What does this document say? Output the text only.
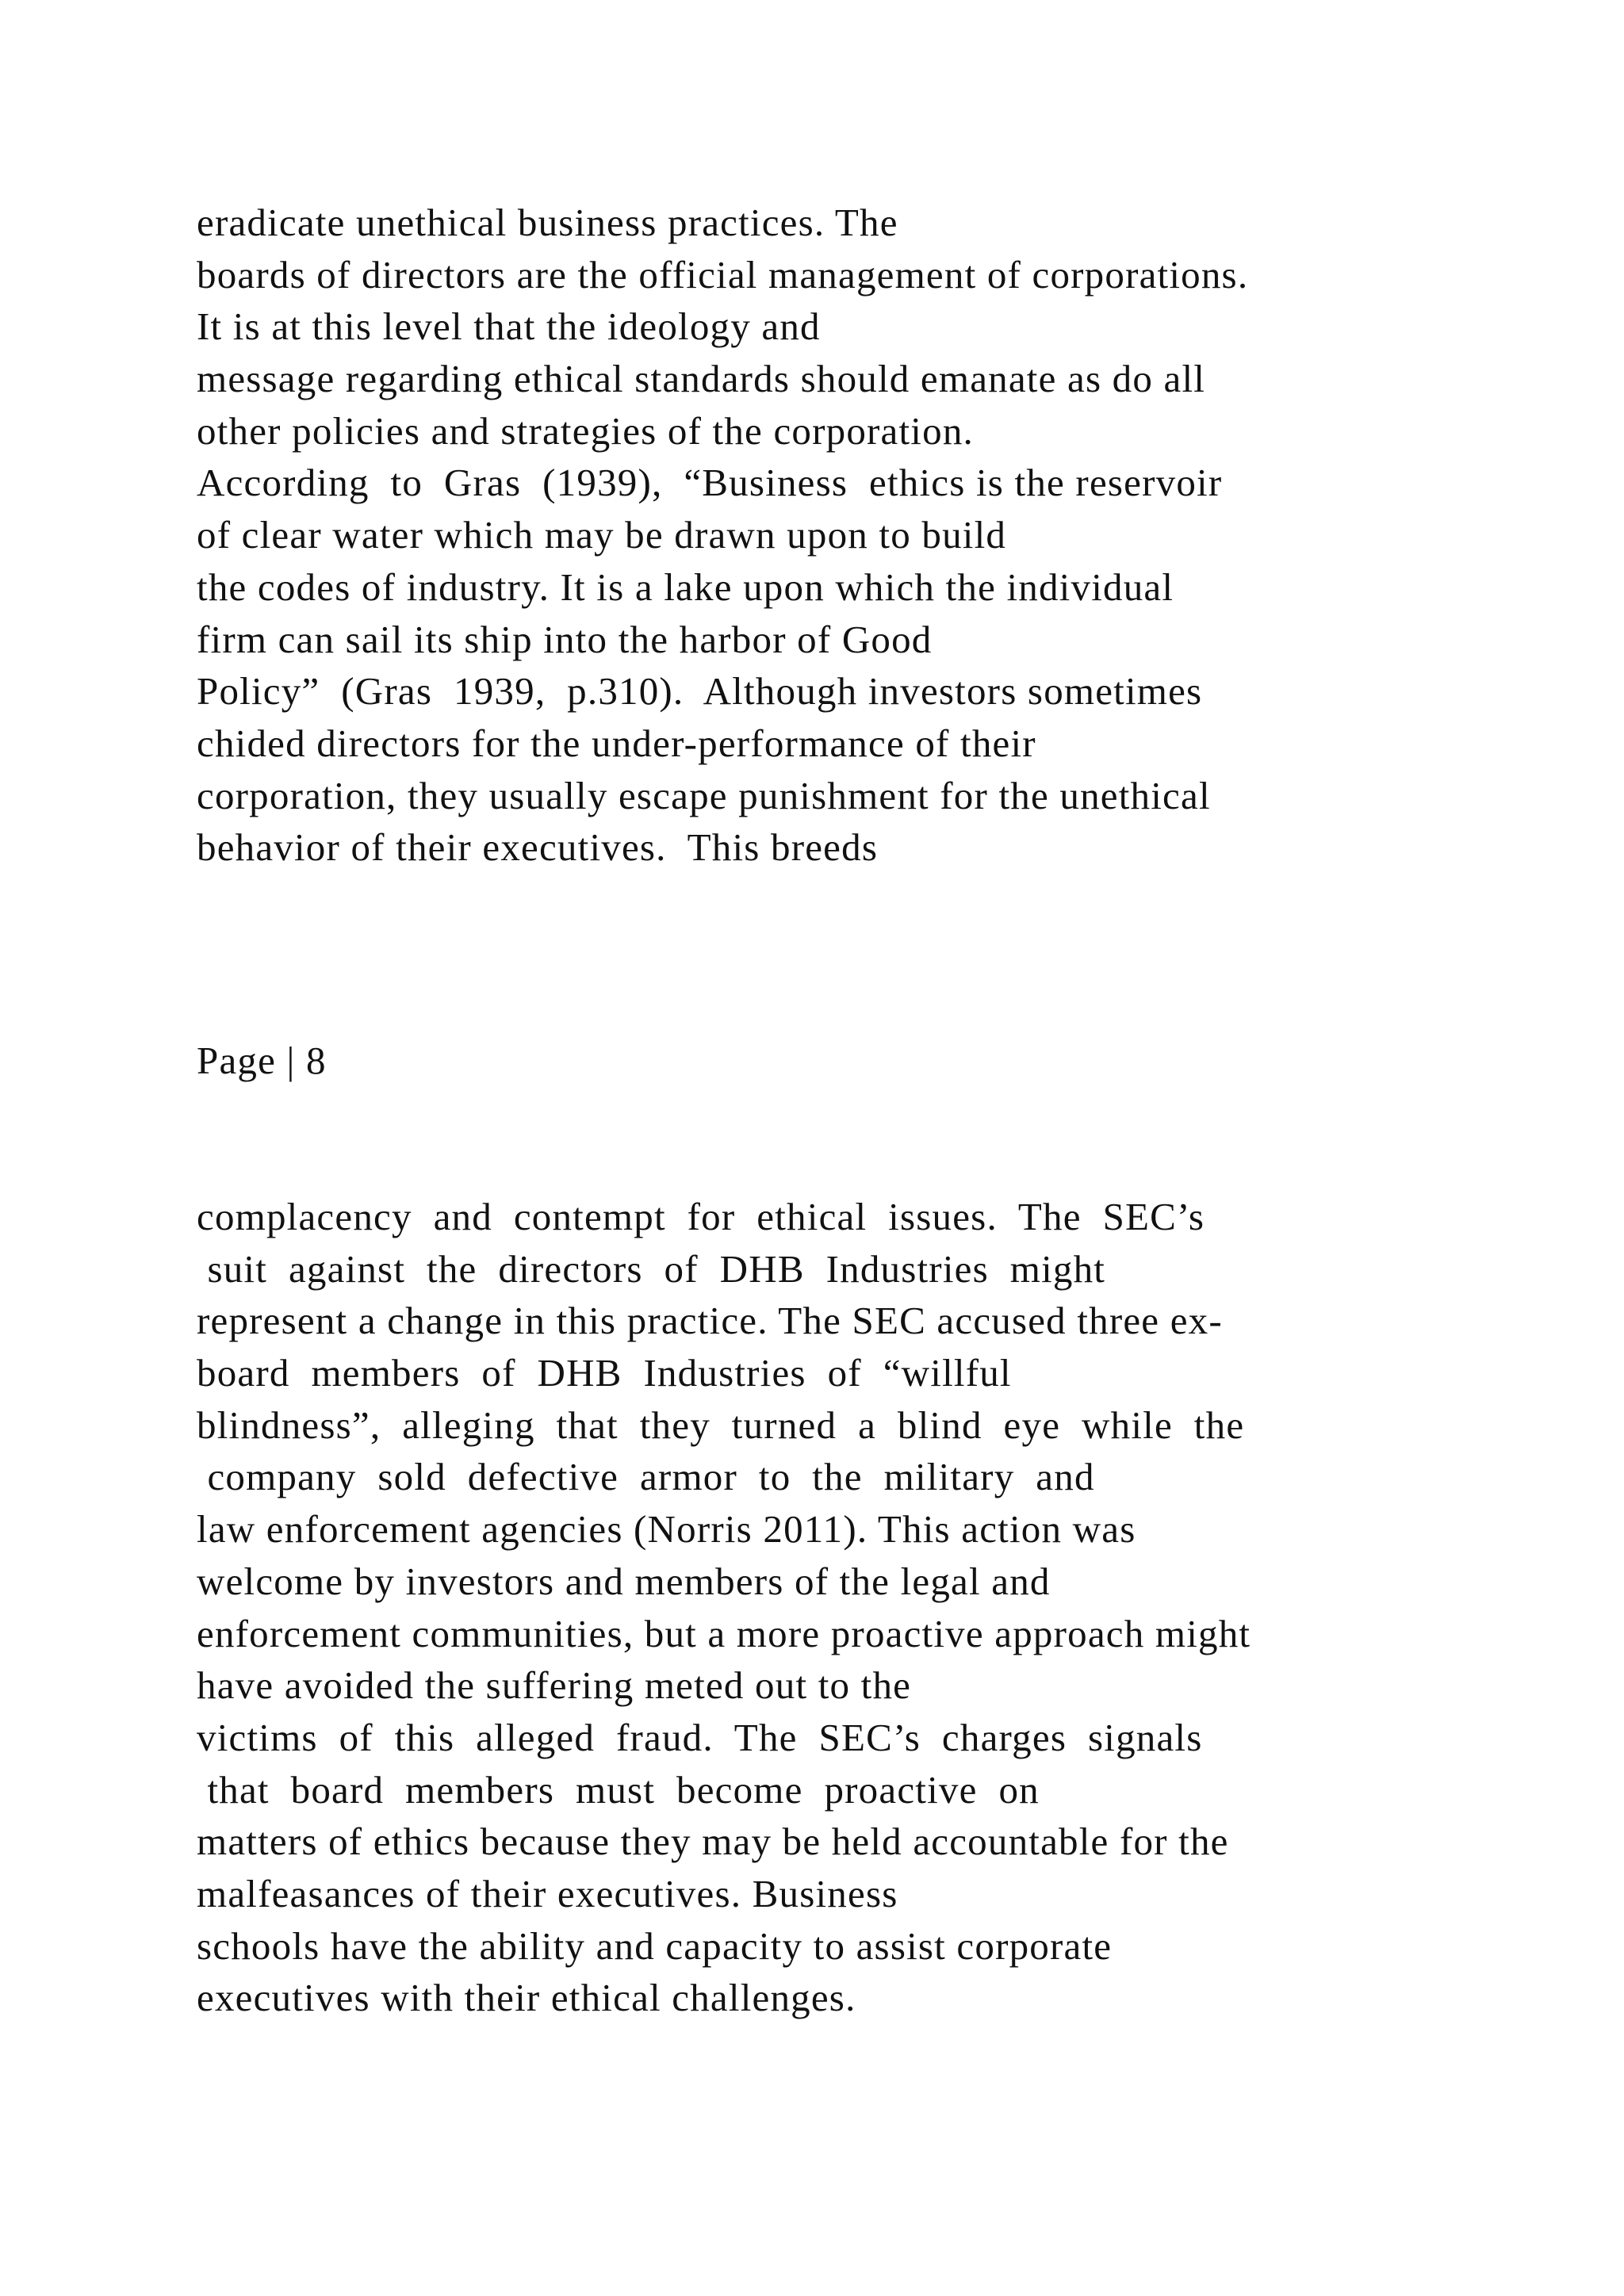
eradicate unethical business practices. The
boards of directors are the official management of corporations.
It is at this level that the ideology and
message regarding ethical standards should emanate as do all
other policies and strategies of the corporation.
According  to  Gras  (1939),  “Business  ethics is the reservoir
of clear water which may be drawn upon to build
the codes of industry. It is a lake upon which the individual
firm can sail its ship into the harbor of Good
Policy”  (Gras  1939,  p.310).  Although investors sometimes
chided directors for the under-performance of their
corporation, they usually escape punishment for the unethical
behavior of their executives.  This breeds
Page | 8
complacency  and  contempt  for  ethical  issues.  The  SEC’s
suit  against  the  directors  of  DHB  Industries  might
represent a change in this practice. The SEC accused three ex-
board  members  of  DHB  Industries  of  “willful
blindness”,  alleging  that  they  turned  a  blind  eye  while  the
company  sold  defective  armor  to  the  military  and
law enforcement agencies (Norris 2011). This action was
welcome by investors and members of the legal and
enforcement communities, but a more proactive approach might
have avoided the suffering meted out to the
victims  of  this  alleged  fraud.  The  SEC’s  charges  signals
that  board  members  must  become  proactive  on
matters of ethics because they may be held accountable for the
malfeasances of their executives. Business
schools have the ability and capacity to assist corporate
executives with their ethical challenges.
